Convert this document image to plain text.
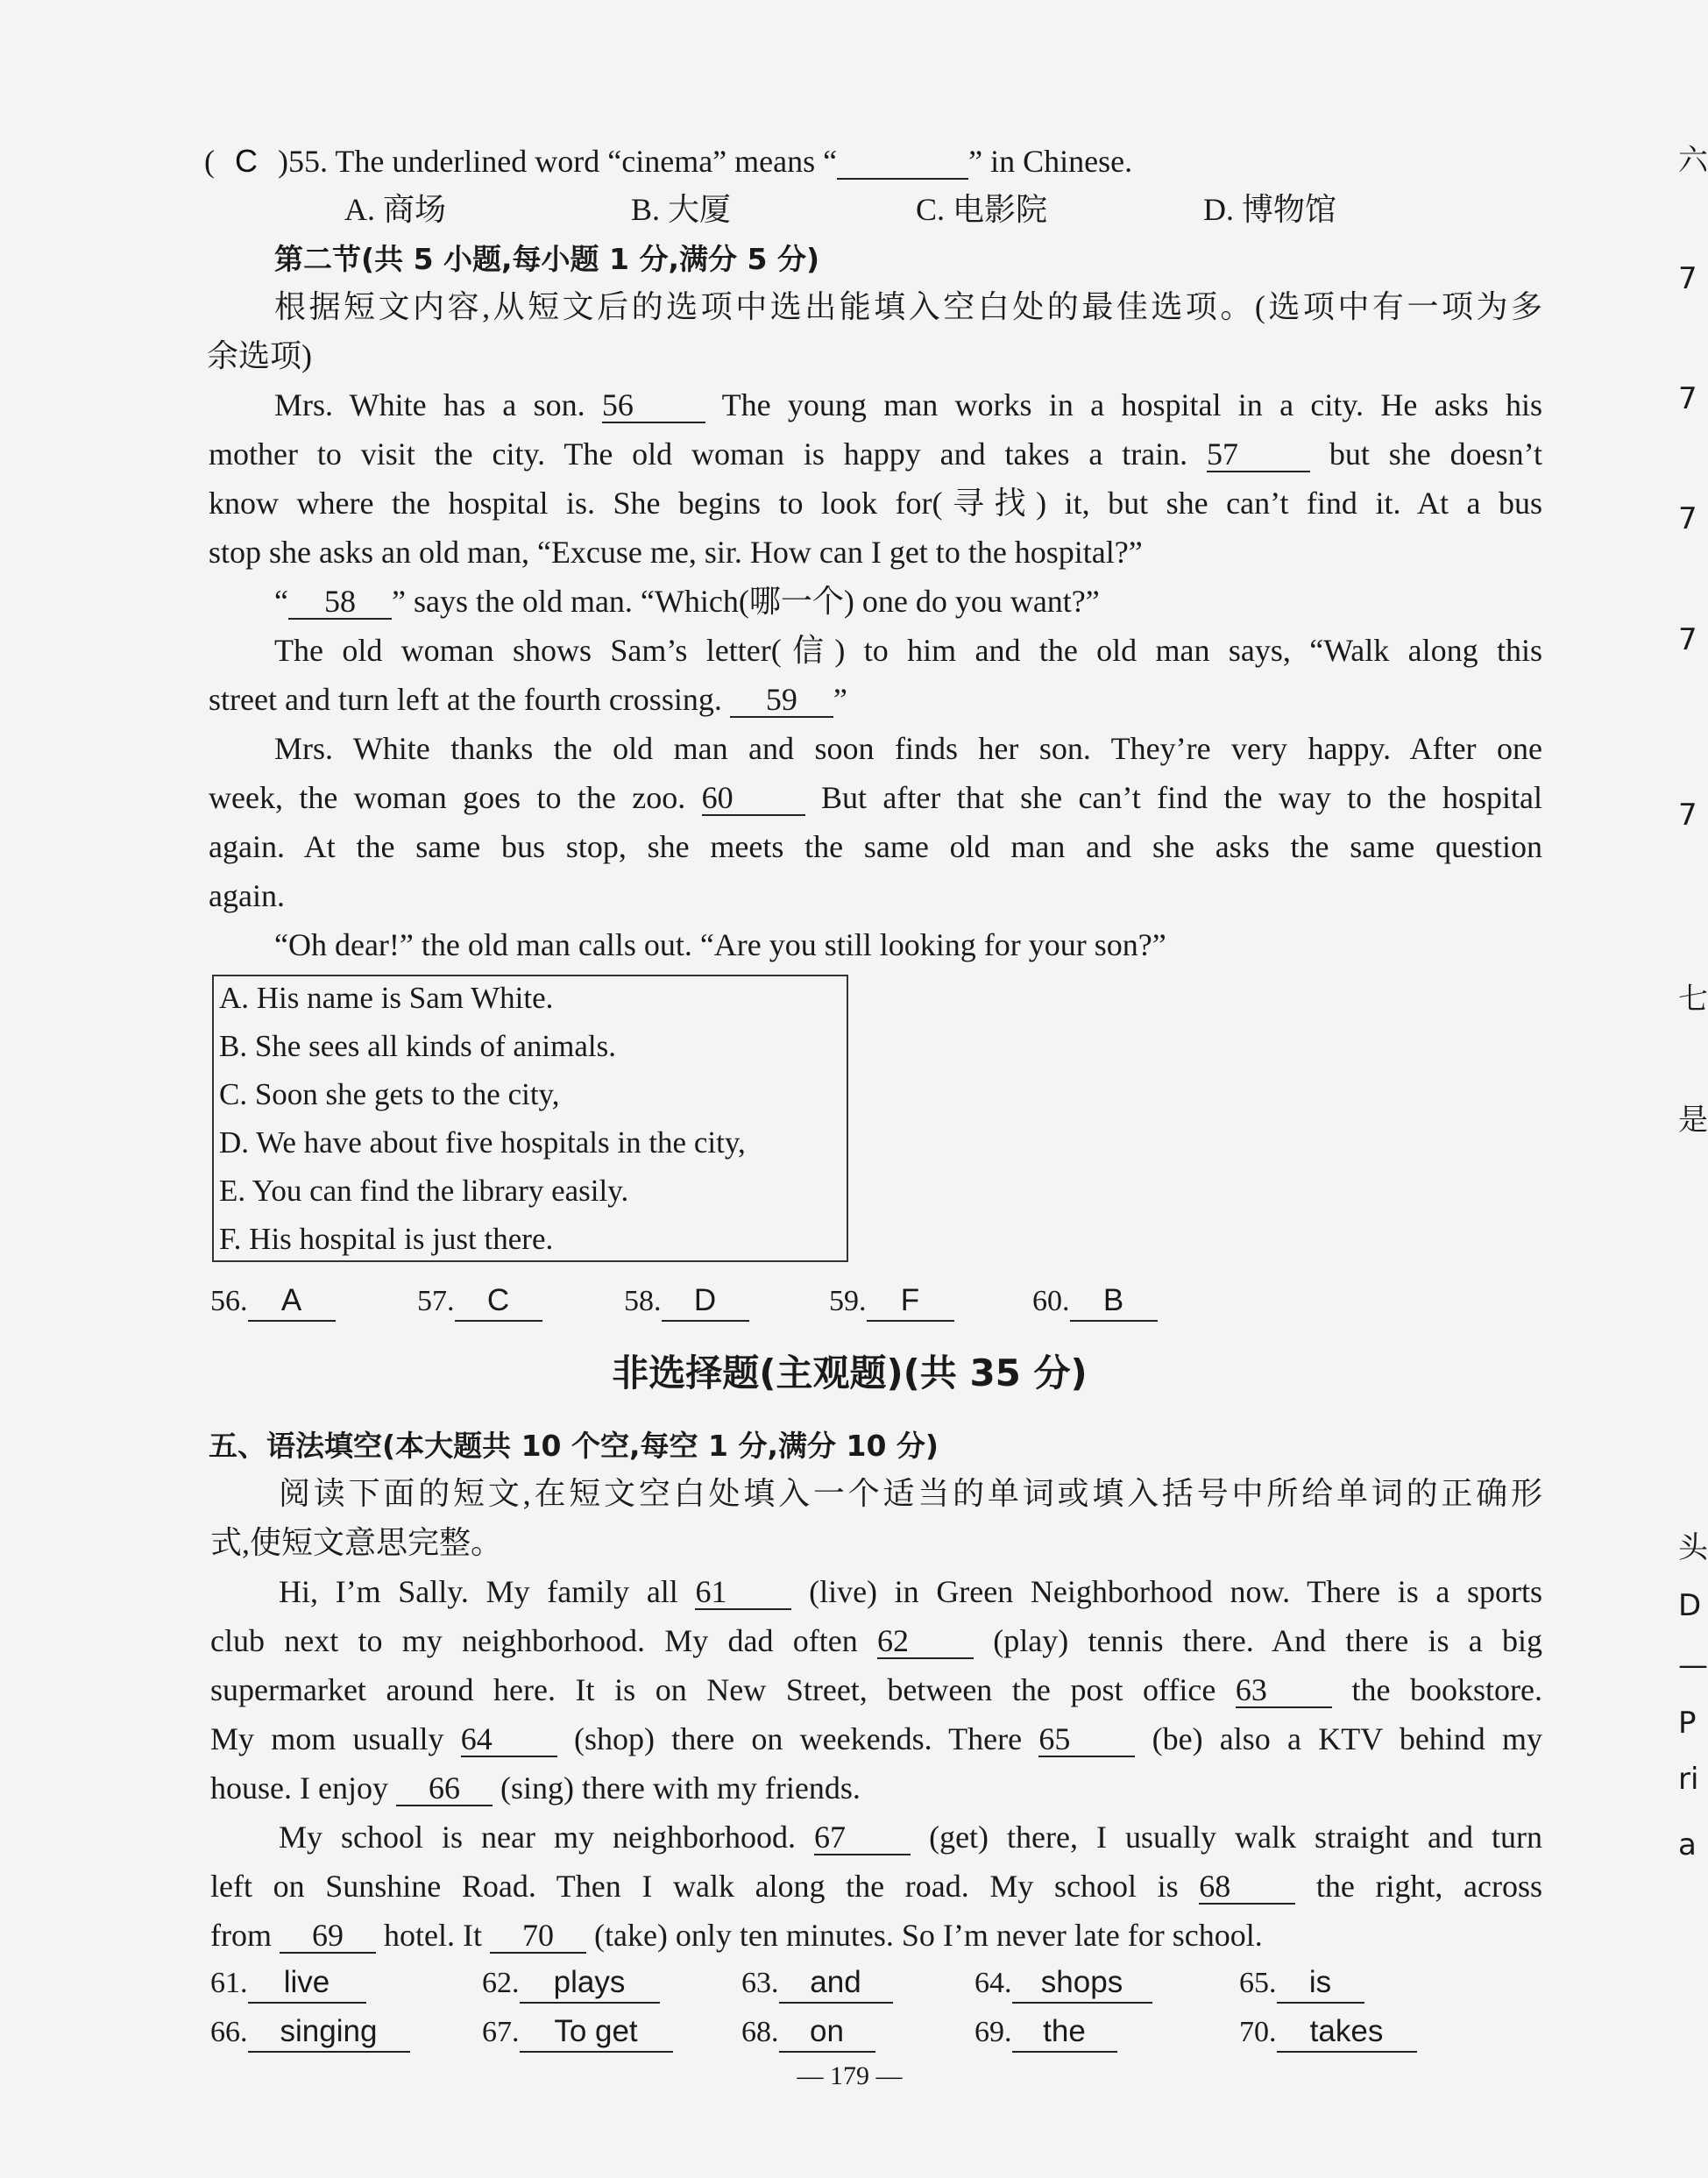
( C )55. The underlined word “cinema” means “	” in Chinese.
A. 商场	B. 大厦	C. 电影院	D. 博物馆
第二节(共 5 小题,每小题 1 分,满分 5 分)
根据短文内容,从短文后的选项中选出能填入空白处的最佳选项。(选项中有一项为多
余选项)
Mrs. White has a son. 56	The young man works in a hospital in a city. He asks his
mother to visit the city. The old woman is happy and takes a train. 57	but she doesn’t
know where the hospital is. She begins to look for(寻找) it, but she can’t find it. At a bus
stop she asks an old man, “Excuse me, sir. How can I get to the hospital?”
“ 58 ” says the old man. “Which(哪一个) one do you want?”
The old woman shows Sam’s letter(信) to him and the old man says, “Walk along this
street and turn left at the fourth crossing. 59 ”
Mrs. White thanks the old man and soon finds her son. They’re very happy. After one
week, the woman goes to the zoo. 60	But after that she can’t find the way to the hospital
again. At the same bus stop, she meets the same old man and she asks the same question
again.
“Oh dear!” the old man calls out. “Are you still looking for your son?”
A. His name is Sam White.
B. She sees all kinds of animals.
C. Soon she gets to the city,
D. We have about five hospitals in the city,
E. You can find the library easily.
F. His hospital is just there.
56. A	57. C	58. D	59. F	60. B
非选择题(主观题)(共 35 分)
五、语法填空(本大题共 10 个空,每空 1 分,满分 10 分)
阅读下面的短文,在短文空白处填入一个适当的单词或填入括号中所给单词的正确形
式,使短文意思完整。
Hi, I’m Sally. My family all 61	(live) in Green Neighborhood now. There is a sports
club next to my neighborhood. My dad often 62	(play) tennis there. And there is a big
supermarket around here. It is on New Street, between the post office 63	the bookstore.
My mom usually 64	(shop) there on weekends. There 65	(be) also a KTV behind my
house. I enjoy 66 (sing) there with my friends.
My school is near my neighborhood. 67	(get) there, I usually walk straight and turn
left on Sunshine Road. Then I walk along the road. My school is 68	the right, across
from 69 hotel. It 70 (take) only ten minutes. So I’m never late for school.
61. live	62. plays	63. and	64. shops	65. is
66. singing	67. To get	68. on	69. the	70. takes
— 179 —
六
7
7
7
7
7
七
是
头
D
—
P
ri
a
